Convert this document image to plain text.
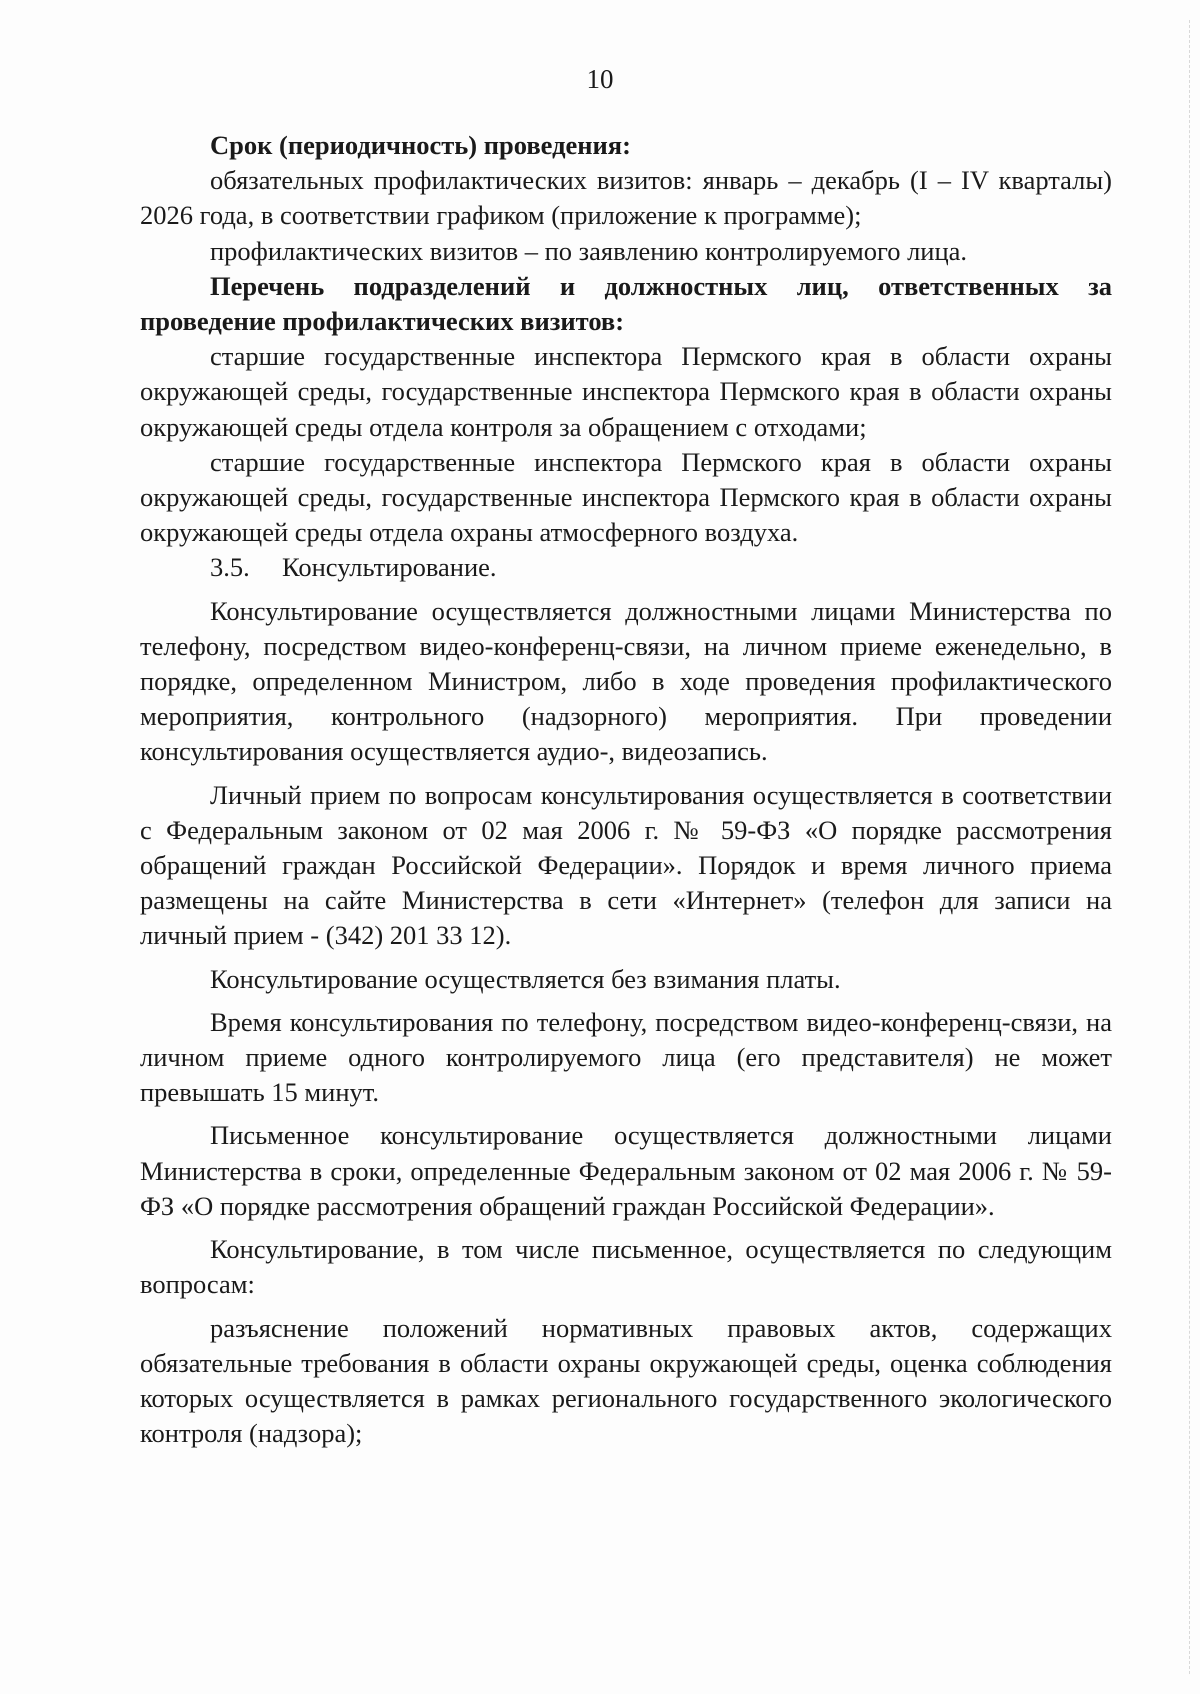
10

Срок (периодичность) проведения:

обязательных профилактических визитов: январь – декабрь (I – IV кварталы) 2026 года, в соответствии графиком (приложение к программе);

профилактических визитов – по заявлению контролируемого лица.

Перечень подразделений и должностных лиц, ответственных за проведение профилактических визитов:

старшие государственные инспектора Пермского края в области охраны окружающей среды, государственные инспектора Пермского края в области охраны окружающей среды отдела контроля за обращением с отходами;

старшие государственные инспектора Пермского края в области охраны окружающей среды, государственные инспектора Пермского края в области охраны окружающей среды отдела охраны атмосферного воздуха.

3.5. Консультирование.

Консультирование осуществляется должностными лицами Министерства по телефону, посредством видео-конференц-связи, на личном приеме еженедельно, в порядке, определенном Министром, либо в ходе проведения профилактического мероприятия, контрольного (надзорного) мероприятия. При проведении консультирования осуществляется аудио-, видеозапись.

Личный прием по вопросам консультирования осуществляется в соответствии с Федеральным законом от 02 мая 2006 г. № 59-ФЗ «О порядке рассмотрения обращений граждан Российской Федерации». Порядок и время личного приема размещены на сайте Министерства в сети «Интернет» (телефон для записи на личный прием - (342) 201 33 12).

Консультирование осуществляется без взимания платы.

Время консультирования по телефону, посредством видео-конференц-связи, на личном приеме одного контролируемого лица (его представителя) не может превышать 15 минут.

Письменное консультирование осуществляется должностными лицами Министерства в сроки, определенные Федеральным законом от 02 мая 2006 г. № 59-ФЗ «О порядке рассмотрения обращений граждан Российской Федерации».

Консультирование, в том числе письменное, осуществляется по следующим вопросам:

разъяснение положений нормативных правовых актов, содержащих обязательные требования в области охраны окружающей среды, оценка соблюдения которых осуществляется в рамках регионального государственного экологического контроля (надзора);
